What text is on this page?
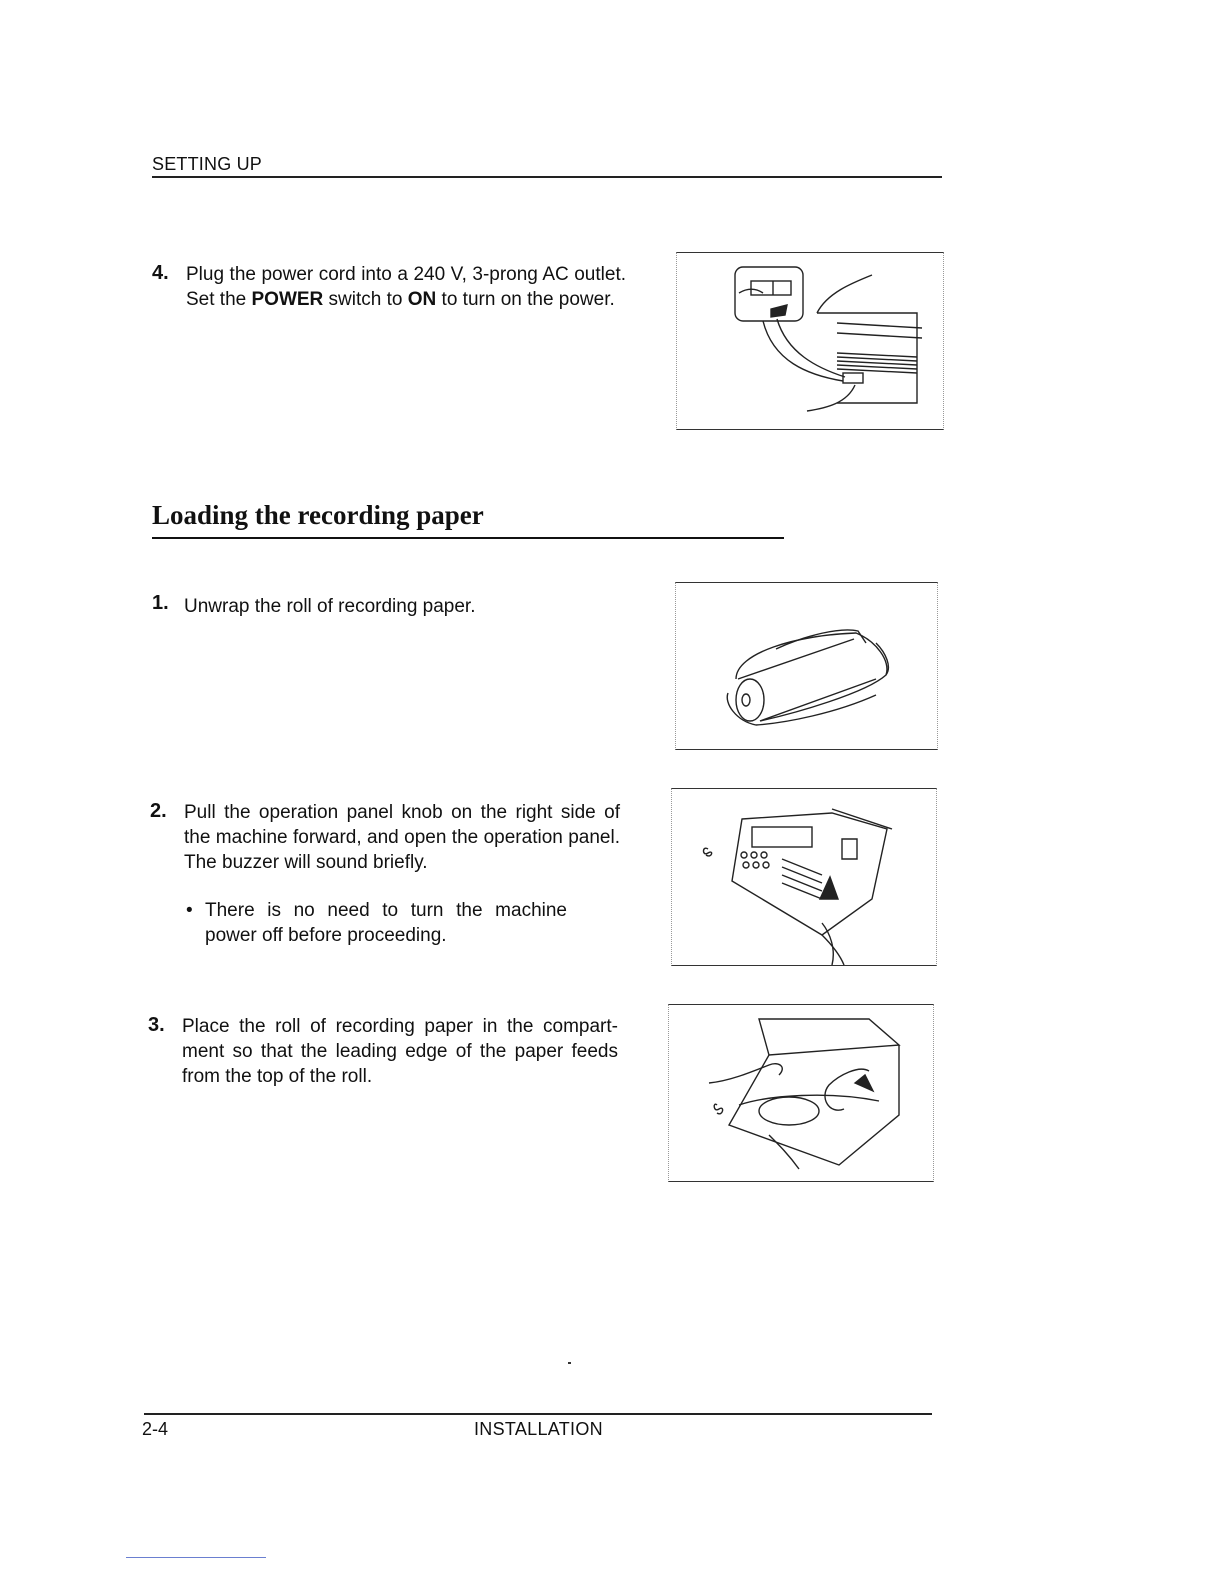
SETTING UP
4. Plug the power cord into a 240 V, 3-prong AC outlet. Set the POWER switch to ON to turn on the power.
Loading the recording paper
1. Unwrap the roll of recording paper.
2. Pull the operation panel knob on the right side of the machine forward, and open the operation panel. The buzzer will sound briefly.
• There is no need to turn the machine power off before proceeding.
3. Place the roll of recording paper in the compart-ment so that the leading edge of the paper feeds from the top of the roll.
2-4	INSTALLATION
